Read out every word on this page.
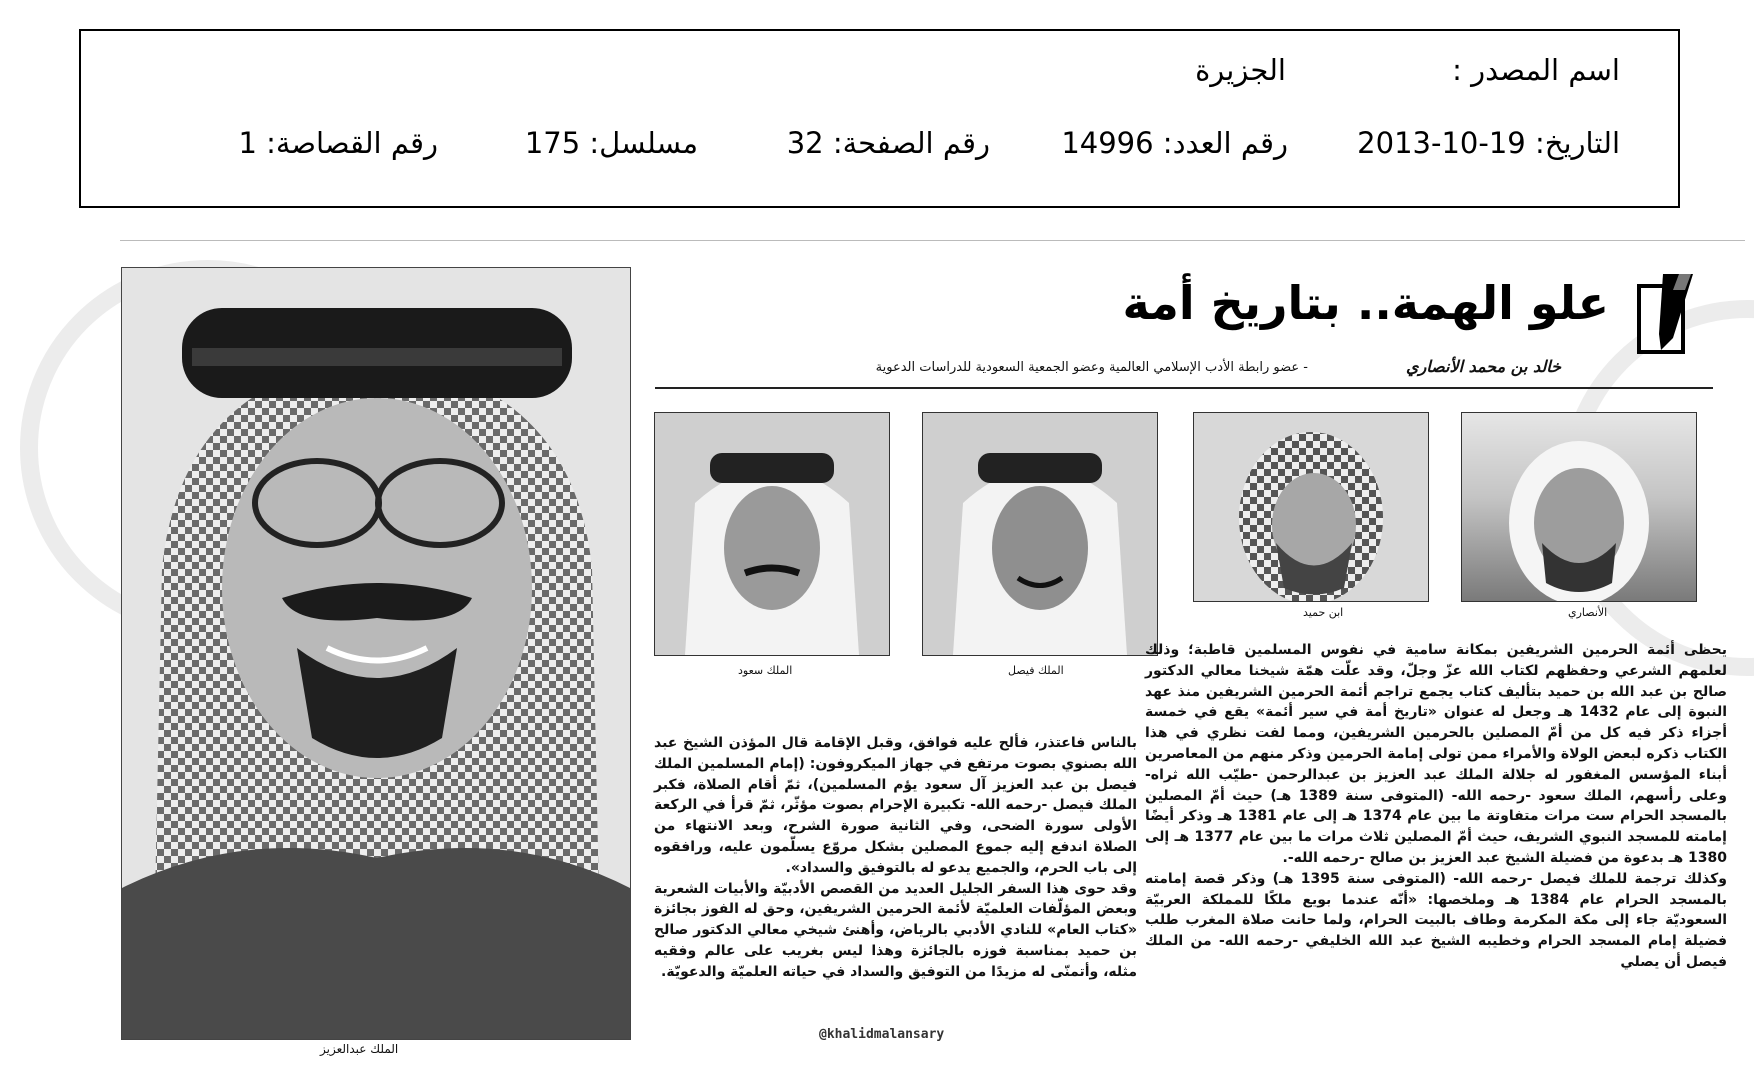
اسم المصدر :
الجزيرة
التاريخ: 19-10-2013
رقم العدد: 14996
رقم الصفحة: 32
مسلسل: 175
رقم القصاصة: 1
الملك عبدالعزيز
علو الهمة.. بتاريخ أمة
خالد بن محمد الأنصاري
- عضو رابطة الأدب الإسلامي العالمية وعضو الجمعية السعودية للدراسات الدعوية
الأنصاري
ابن حميد
الملك فيصل
الملك سعود

يحظى أئمة الحرمين الشريفين بمكانة سامية في نفوس المسلمين قاطبة؛ وذلك لعلمهم الشرعي وحفظهم لكتاب الله عزّ وجلّ، وقد علّت همّة شيخنا معالي الدكتور صالح بن عبد الله بن حميد بتأليف كتاب يجمع تراجم أئمة الحرمين الشريفين منذ عهد النبوة إلى عام 1432 هـ وجعل له عنوان «تاريخ أمة في سير أئمة» يقع في خمسة أجزاء ذكر فيه كل من أمّ المصلين بالحرمين الشريفين، ومما لفت نظري في هذا الكتاب ذكره لبعض الولاة والأمراء ممن تولى إمامة الحرمين وذكر منهم من المعاصرين أبناء المؤسس المغفور له جلالة الملك عبد العزيز بن عبدالرحمن -طيّب الله ثراه- وعلى رأسهم، الملك سعود -رحمه الله- (المتوفى سنة 1389 هـ) حيث أمّ المصلين بالمسجد الحرام ست مرات متفاوتة ما بين عام 1374 هـ إلى عام 1381 هـ وذكر أيضًا إمامته للمسجد النبوي الشريف، حيث أمّ المصلين ثلاث مرات ما بين عام 1377 هـ إلى 1380 هـ بدعوة من فضيلة الشيخ عبد العزيز بن صالح -رحمه الله-.

وكذلك ترجمة للملك فيصل -رحمه الله- (المتوفى سنة 1395 هـ) وذكر قصة إمامته بالمسجد الحرام عام 1384 هـ وملخصها: «أنّه عندما بويع ملكًا للمملكة العربيّة السعوديّة جاء إلى مكة المكرمة وطاف بالبيت الحرام، ولما حانت صلاة المغرب طلب فضيلة إمام المسجد الحرام وخطيبه الشيخ عبد الله الخليفي -رحمه الله- من الملك فيصل أن يصلي

بالناس فاعتذر، فألح عليه فوافق، وقبل الإقامة قال المؤذن الشيخ عبد الله بصنوي بصوت مرتفع في جهاز الميكروفون: (إمام المسلمين الملك فيصل بن عبد العزيز آل سعود يؤم المسلمين)، ثمّ أقام الصلاة، فكبر الملك فيصل -رحمه الله- تكبيرة الإحرام بصوت مؤثّر، ثمّ قرأ في الركعة الأولى سورة الضحى، وفي الثانية صورة الشرح، وبعد الانتهاء من الصلاة اندفع إليه جموع المصلين بشكل مروّع يسلّمون عليه، ورافقوه إلى باب الحرم، والجميع يدعو له بالتوفيق والسداد».

وقد حوى هذا السفر الجليل العديد من القصص الأدبيّة والأبيات الشعرية وبعض المؤلّفات العلميّة لأئمة الحرمين الشريفين، وحق له الفوز بجائزة «كتاب العام» للنادي الأدبي بالرياض، وأهنئ شيخي معالي الدكتور صالح بن حميد بمناسبة فوزه بالجائزة وهذا ليس بغريب على عالم وفقيه مثله، وأتمنّى له مزيدًا من التوفيق والسداد في حياته العلميّة والدعويّة.

@khalidmalansary
